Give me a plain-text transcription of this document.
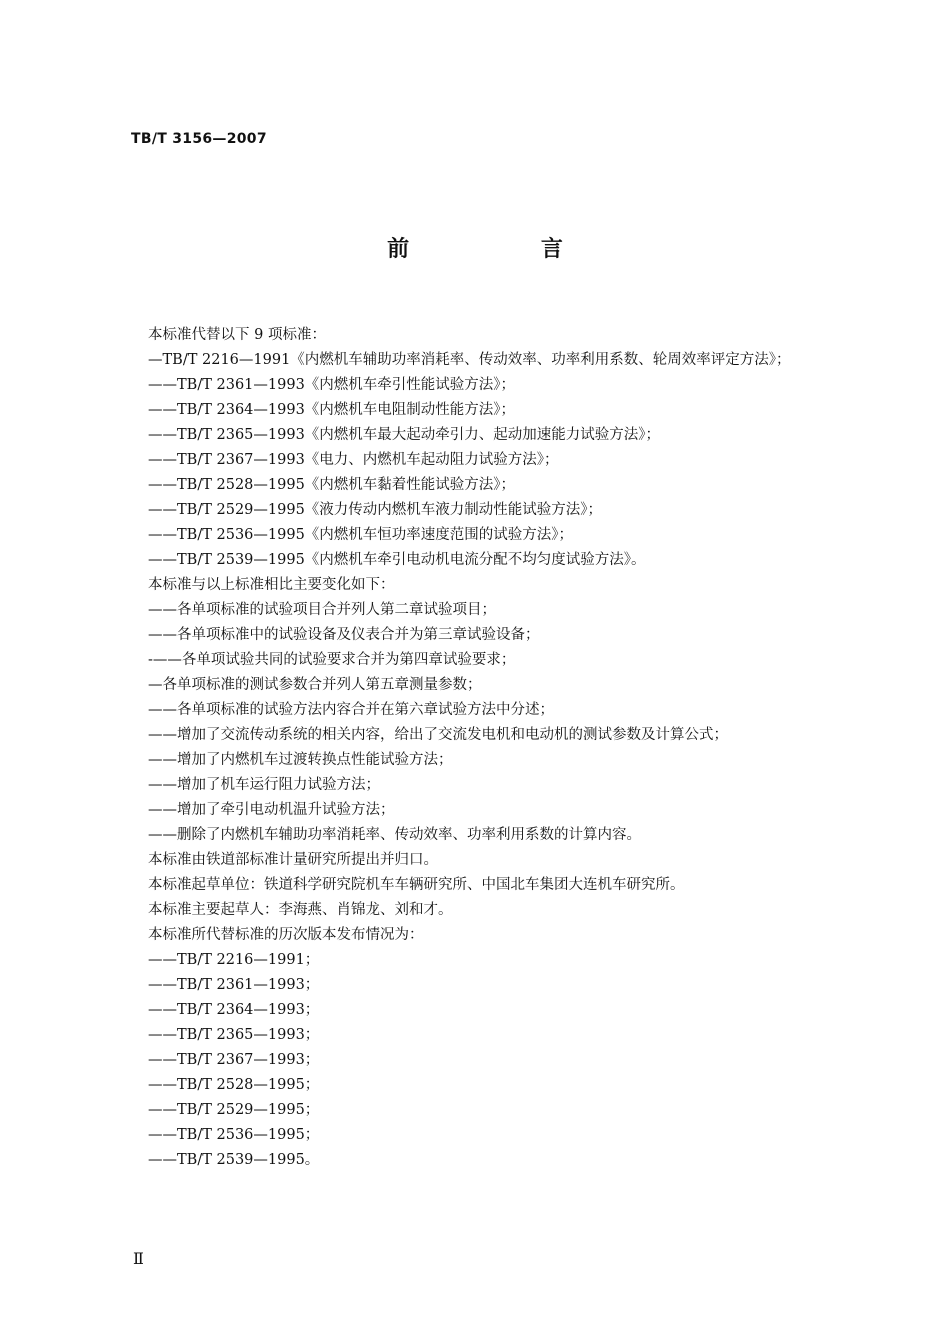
TB/T 3156—2007
前 言
本标准代替以下 9 项标准：
—TB/T 2216—1991《内燃机车辅助功率消耗率、传动效率、功率利用系数、轮周效率评定方法》；
——TB/T 2361—1993《内燃机车牵引性能试验方法》；
——TB/T 2364—1993《内燃机车电阻制动性能方法》；
——TB/T 2365—1993《内燃机车最大起动牵引力、起动加速能力试验方法》；
——TB/T 2367—1993《电力、内燃机车起动阻力试验方法》；
——TB/T 2528—1995《内燃机车黏着性能试验方法》；
——TB/T 2529—1995《液力传动内燃机车液力制动性能试验方法》；
——TB/T 2536—1995《内燃机车恒功率速度范围的试验方法》；
——TB/T 2539—1995《内燃机车牵引电动机电流分配不均匀度试验方法》。
本标准与以上标准相比主要变化如下：
——各单项标准的试验项目合并列人第二章试验项目；
——各单项标准中的试验设备及仪表合并为第三章试验设备；
-——各单项试验共同的试验要求合并为第四章试验要求；
—各单项标准的测试参数合并列人第五章测量参数；
——各单项标准的试验方法内容合并在第六章试验方法中分述；
——增加了交流传动系统的相关内容，给出了交流发电机和电动机的测试参数及计算公式；
——增加了内燃机车过渡转换点性能试验方法；
——增加了机车运行阻力试验方法；
——增加了牵引电动机温升试验方法；
——删除了内燃机车辅助功率消耗率、传动效率、功率利用系数的计算内容。
本标准由铁道部标准计量研究所提出并归口。
本标准起草单位：铁道科学研究院机车车辆研究所、中国北车集团大连机车研究所。
本标准主要起草人：李海燕、肖锦龙、刘和才。
本标准所代替标准的历次版本发布情况为：
——TB/T 2216—1991；
——TB/T 2361—1993；
——TB/T 2364—1993；
——TB/T 2365—1993；
——TB/T 2367—1993；
——TB/T 2528—1995；
——TB/T 2529—1995；
——TB/T 2536—1995；
——TB/T 2539—1995。
Ⅱ
